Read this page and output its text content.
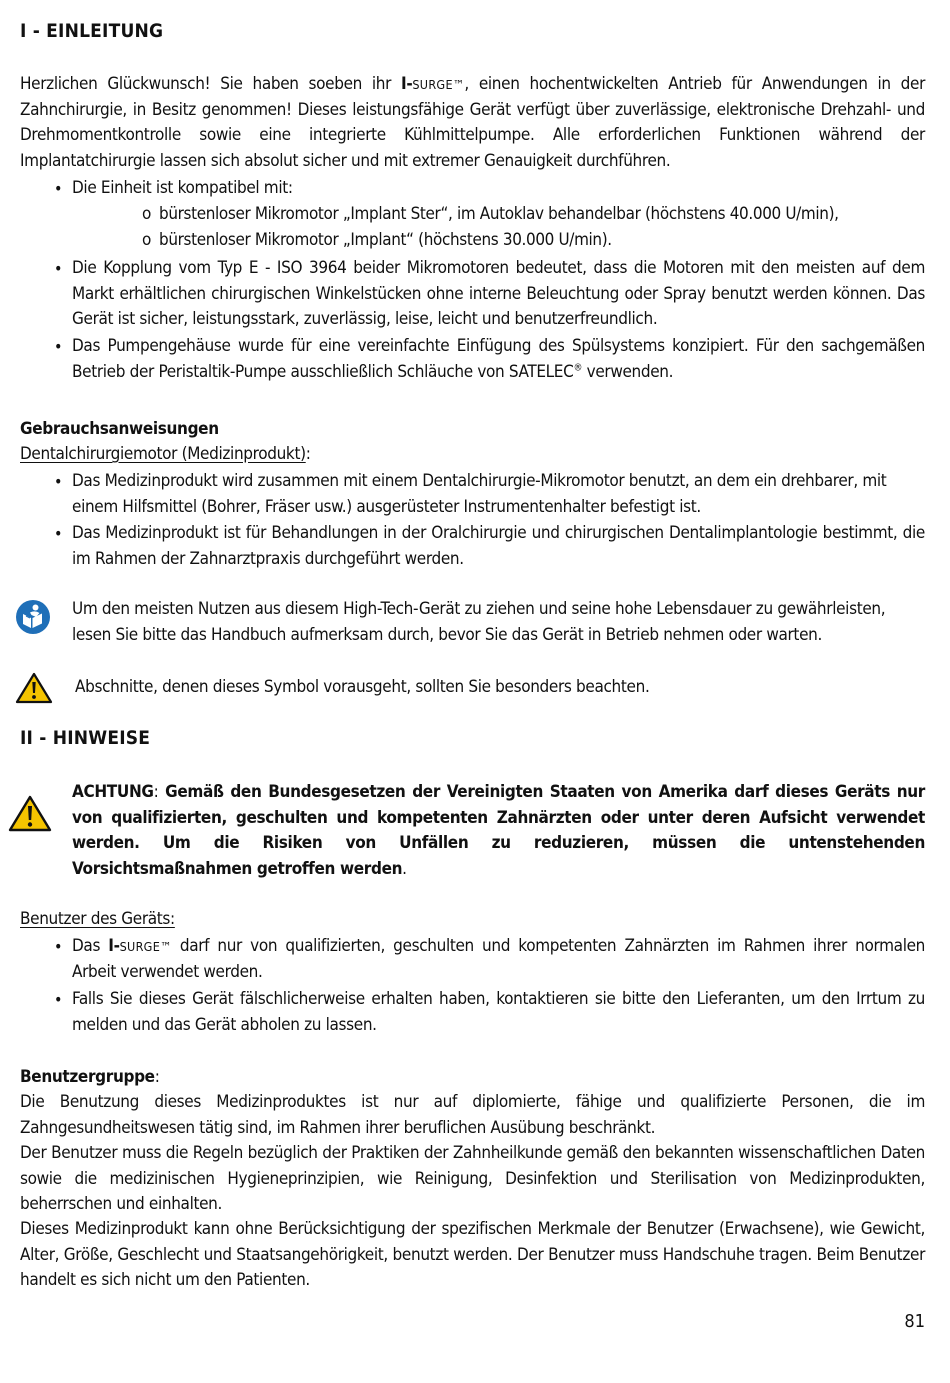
I - EINLEITUNG
Herzlichen Glückwunsch! Sie haben soeben ihr I-SURGE™, einen hochentwickelten Antrieb für Anwendungen in der Zahnchirurgie, in Besitz genommen! Dieses leistungsfähige Gerät verfügt über zuverlässige, elektronische Drehzahl- und Drehmomentkontrolle sowie eine integrierte Kühlmittelpumpe. Alle erforderlichen Funktionen während der Implantatchirurgie lassen sich absolut sicher und mit extremer Genauigkeit durchführen.
• Die Einheit ist kompatibel mit:
o bürstenloser Mikromotor „Implant Ster“, im Autoklav behandelbar (höchstens 40.000 U/min),
o bürstenloser Mikromotor „Implant“ (höchstens 30.000 U/min).
• Die Kopplung vom Typ E - ISO 3964 beider Mikromotoren bedeutet, dass die Motoren mit den meisten auf dem Markt erhältlichen chirurgischen Winkelstücken ohne interne Beleuchtung oder Spray benutzt werden können. Das Gerät ist sicher, leistungsstark, zuverlässig, leise, leicht und benutzerfreundlich.
• Das Pumpengehäuse wurde für eine vereinfachte Einfügung des Spülsystems konzipiert. Für den sachgemäßen Betrieb der Peristaltik-Pumpe ausschließlich Schläuche von SATELEC® verwenden.
Gebrauchsanweisungen
Dentalchirurgiemotor (Medizinprodukt):
• Das Medizinprodukt wird zusammen mit einem Dentalchirurgie-Mikromotor benutzt, an dem ein drehbarer, mit einem Hilfsmittel (Bohrer, Fräser usw.) ausgerüsteter Instrumentenhalter befestigt ist.
• Das Medizinprodukt ist für Behandlungen in der Oralchirurgie und chirurgischen Dentalimplantologie bestimmt, die im Rahmen der Zahnarztpraxis durchgeführt werden.
Um den meisten Nutzen aus diesem High-Tech-Gerät zu ziehen und seine hohe Lebensdauer zu gewährleisten, lesen Sie bitte das Handbuch aufmerksam durch, bevor Sie das Gerät in Betrieb nehmen oder warten.
Abschnitte, denen dieses Symbol vorausgeht, sollten Sie besonders beachten.
II - HINWEISE
ACHTUNG: Gemäß den Bundesgesetzen der Vereinigten Staaten von Amerika darf dieses Geräts nur von qualifizierten, geschulten und kompetenten Zahnärzten oder unter deren Aufsicht verwendet werden. Um die Risiken von Unfällen zu reduzieren, müssen die untenstehenden Vorsichtsmaßnahmen getroffen werden.
Benutzer des Geräts:
• Das I-SURGE™ darf nur von qualifizierten, geschulten und kompetenten Zahnärzten im Rahmen ihrer normalen Arbeit verwendet werden.
• Falls Sie dieses Gerät fälschlicherweise erhalten haben, kontaktieren sie bitte den Lieferanten, um den Irrtum zu melden und das Gerät abholen zu lassen.
Benutzergruppe:
Die Benutzung dieses Medizinproduktes ist nur auf diplomierte, fähige und qualifizierte Personen, die im Zahngesundheitswesen tätig sind, im Rahmen ihrer beruflichen Ausübung beschränkt.
Der Benutzer muss die Regeln bezüglich der Praktiken der Zahnheilkunde gemäß den bekannten wissenschaftlichen Daten sowie die medizinischen Hygieneprinzipien, wie Reinigung, Desinfektion und Sterilisation von Medizinprodukten, beherrschen und einhalten.
Dieses Medizinprodukt kann ohne Berücksichtigung der spezifischen Merkmale der Benutzer (Erwachsene), wie Gewicht, Alter, Größe, Geschlecht und Staatsangehörigkeit, benutzt werden. Der Benutzer muss Handschuhe tragen. Beim Benutzer handelt es sich nicht um den Patienten.
81
